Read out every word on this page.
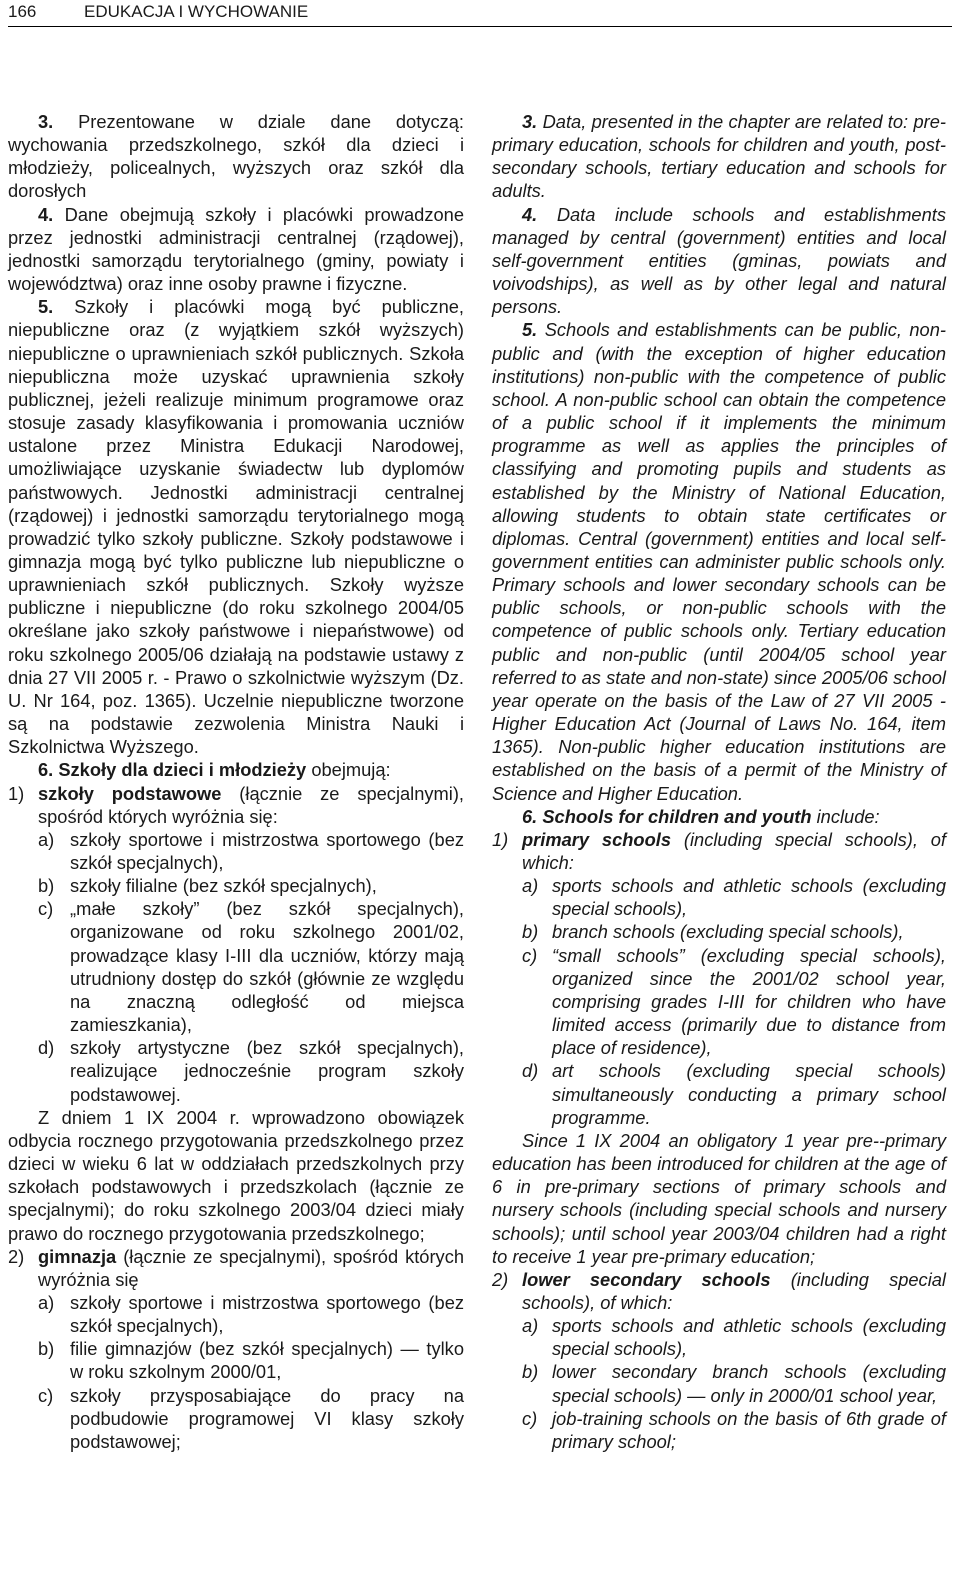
166	EDUKACJA I WYCHOWANIE

3. Prezentowane w dziale dane dotyczą: wychowania przedszkolnego, szkół dla dzieci i młodzieży, policealnych, wyższych oraz szkół dla dorosłych

4. Dane obejmują szkoły i placówki prowadzone przez jednostki administracji centralnej (rządowej), jednostki samorządu terytorialnego (gminy, powiaty i województwa) oraz inne osoby prawne i fizyczne.

5. Szkoły i placówki mogą być publiczne, niepubliczne oraz (z wyjątkiem szkół wyższych) niepubliczne o uprawnieniach szkół publicznych. Szkoła niepubliczna może uzyskać uprawnienia szkoły publicznej, jeżeli realizuje minimum programowe oraz stosuje zasady klasyfikowania i promowania uczniów ustalone przez Ministra Edukacji Narodowej, umożliwiające uzyskanie świadectw lub dyplomów państwowych. Jednostki administracji centralnej (rządowej) i jednostki samorządu terytorialnego mogą prowadzić tylko szkoły publiczne. Szkoły podstawowe i gimnazja mogą być tylko publiczne lub niepubliczne o uprawnieniach szkół publicznych. Szkoły wyższe publiczne i niepubliczne (do roku szkolnego 2004/05 określane jako szkoły państwowe i niepaństwowe) od roku szkolnego 2005/06 działają na podstawie ustawy z dnia 27 VII 2005 r. - Prawo o szkolnictwie wyższym (Dz. U. Nr 164, poz. 1365). Uczelnie niepubliczne tworzone są na podstawie zezwolenia Ministra Nauki i Szkolnictwa Wyższego.

6. Szkoły dla dzieci i młodzieży obejmują:

1) szkoły podstawowe (łącznie ze specjalnymi), spośród których wyróżnia się:
a) szkoły sportowe i mistrzostwa sportowego (bez szkół specjalnych),
b) szkoły filialne (bez szkół specjalnych),
c) „małe szkoły” (bez szkół specjalnych), organizowane od roku szkolnego 2001/02, prowadzące klasy I-III dla uczniów, którzy mają utrudniony dostęp do szkół (głównie ze względu na znaczną odległość od miejsca zamieszkania),
d) szkoły artystyczne (bez szkół specjalnych), realizujące jednocześnie program szkoły podstawowej.

Z dniem 1 IX 2004 r. wprowadzono obowiązek odbycia rocznego przygotowania przedszkolnego przez dzieci w wieku 6 lat w oddziałach przedszkolnych przy szkołach podstawowych i przedszkolach (łącznie ze specjalnymi); do roku szkolnego 2003/04 dzieci miały prawo do rocznego przygotowania przedszkolnego;

2) gimnazja (łącznie ze specjalnymi), spośród których wyróżnia się
a) szkoły sportowe i mistrzostwa sportowego (bez szkół specjalnych),
b) filie gimnazjów (bez szkół specjalnych) — tylko w roku szkolnym 2000/01,
c) szkoły przysposabiające do pracy na podbudowie programowej VI klasy szkoły podstawowej;

3. Data, presented in the chapter are related to: pre-primary education, schools for children and youth, post-secondary schools, tertiary education and schools for adults.

4. Data include schools and establishments managed by central (government) entities and local self-government entities (gminas, powiats and voivodships), as well as by other legal and natural persons.

5. Schools and establishments can be public, non-public and (with the exception of higher education institutions) non-public with the competence of public school. A non-public school can obtain the competence of a public school if it implements the minimum programme as well as applies the principles of classifying and promoting pupils and students as established by the Ministry of National Education, allowing students to obtain state certificates or diplomas. Central (government) entities and local self-government entities can administer public schools only. Primary schools and lower secondary schools can be public schools, or non-public schools with the competence of public schools only. Tertiary education public and non-public (until 2004/05 school year referred to as state and non-state) since 2005/06 school year operate on the basis of the Law of 27 VII 2005 - Higher Education Act (Journal of Laws No. 164, item 1365). Non-public higher education institutions are established on the basis of a permit of the Ministry of Science and Higher Education.

6. Schools for children and youth include:

1) primary schools (including special schools), of which:
a) sports schools and athletic schools (excluding special schools),
b) branch schools (excluding special schools),
c) “small schools” (excluding special schools), organized since the 2001/02 school year, comprising grades I-III for children who have limited access (primarily due to distance from place of residence),
d) art schools (excluding special schools) simultaneously conducting a primary school programme.

Since 1 IX 2004 an obligatory 1 year pre--primary education has been introduced for children at the age of 6 in pre-primary sections of primary schools and nursery schools (including special schools and nursery schools); until school year 2003/04 children had a right to receive 1 year pre-primary education;

2) lower secondary schools (including special schools), of which:
a) sports schools and athletic schools (excluding special schools),
b) lower secondary branch schools (excluding special schools) — only in 2000/01 school year,
c) job-training schools on the basis of 6th grade of primary school;
